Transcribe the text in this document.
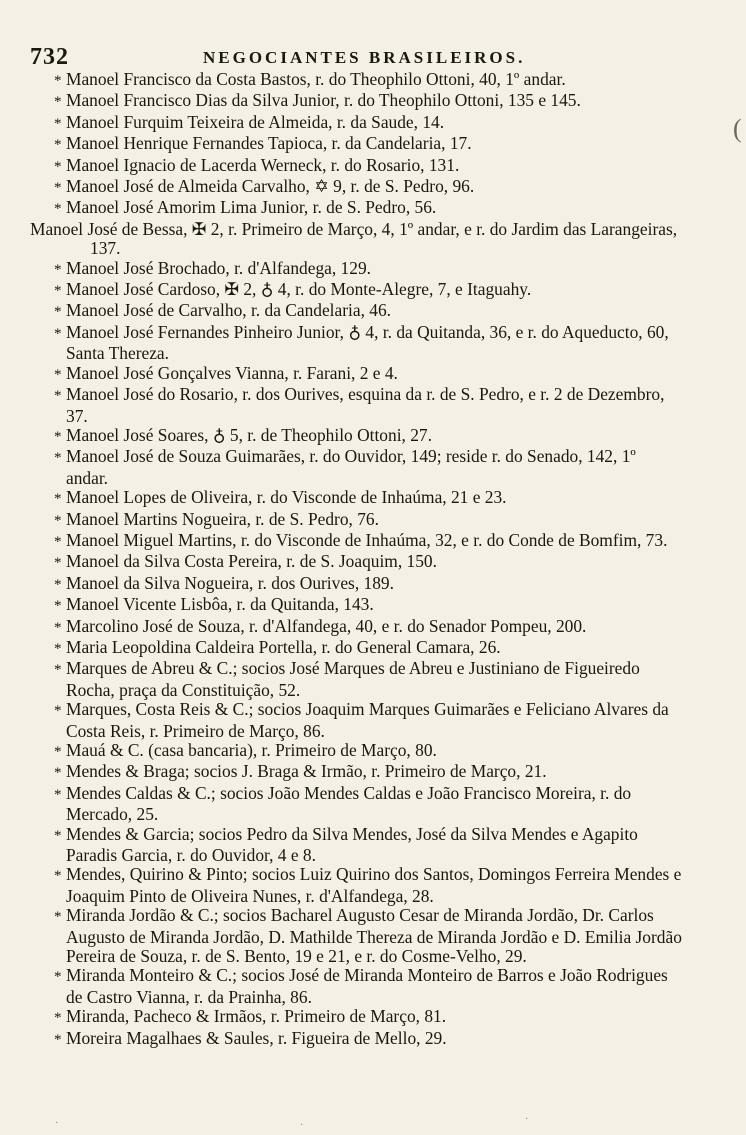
732	NEGOCIANTES BRASILEIROS.
(
* Manoel Francisco da Costa Bastos, r. do Theophilo Ottoni, 40, 1º andar.
* Manoel Francisco Dias da Silva Junior, r. do Theophilo Ottoni, 135 e 145.
* Manoel Furquim Teixeira de Almeida, r. da Saude, 14.
* Manoel Henrique Fernandes Tapioca, r. da Candelaria, 17.
* Manoel Ignacio de Lacerda Werneck, r. do Rosario, 131.
* Manoel José de Almeida Carvalho, ✡ 9, r. de S. Pedro, 96.
* Manoel José Amorim Lima Junior, r. de S. Pedro, 56.
Manoel José de Bessa, ✠ 2, r. Primeiro de Março, 4, 1º andar, e r. do Jardim das Larangeiras, 137.
* Manoel José Brochado, r. d'Alfandega, 129.
* Manoel José Cardoso, ✠ 2, ♁ 4, r. do Monte-Alegre, 7, e Itaguahy.
* Manoel José de Carvalho, r. da Candelaria, 46.
* Manoel José Fernandes Pinheiro Junior, ♁ 4, r. da Quitanda, 36, e r. do Aqueducto, 60, Santa Thereza.
* Manoel José Gonçalves Vianna, r. Farani, 2 e 4.
* Manoel José do Rosario, r. dos Ourives, esquina da r. de S. Pedro, e r. 2 de Dezembro, 37.
* Manoel José Soares, ♁ 5, r. de Theophilo Ottoni, 27.
* Manoel José de Souza Guimarães, r. do Ouvidor, 149; reside r. do Senado, 142, 1º andar.
* Manoel Lopes de Oliveira, r. do Visconde de Inhaúma, 21 e 23.
* Manoel Martins Nogueira, r. de S. Pedro, 76.
* Manoel Miguel Martins, r. do Visconde de Inhaúma, 32, e r. do Conde de Bomfim, 73.
* Manoel da Silva Costa Pereira, r. de S. Joaquim, 150.
* Manoel da Silva Nogueira, r. dos Ourives, 189.
* Manoel Vicente Lisbôa, r. da Quitanda, 143.
* Marcolino José de Souza, r. d'Alfandega, 40, e r. do Senador Pompeu, 200.
* Maria Leopoldina Caldeira Portella, r. do General Camara, 26.
* Marques de Abreu & C.; socios José Marques de Abreu e Justiniano de Figueiredo Rocha, praça da Constituição, 52.
* Marques, Costa Reis & C.; socios Joaquim Marques Guimarães e Feliciano Alvares da Costa Reis, r. Primeiro de Março, 86.
* Mauá & C. (casa bancaria), r. Primeiro de Março, 80.
* Mendes & Braga; socios J. Braga & Irmão, r. Primeiro de Março, 21.
* Mendes Caldas & C.; socios João Mendes Caldas e João Francisco Moreira, r. do Mercado, 25.
* Mendes & Garcia; socios Pedro da Silva Mendes, José da Silva Mendes e Agapito Paradis Garcia, r. do Ouvidor, 4 e 8.
* Mendes, Quirino & Pinto; socios Luiz Quirino dos Santos, Domingos Ferreira Mendes e Joaquim Pinto de Oliveira Nunes, r. d'Alfandega, 28.
* Miranda Jordão & C.; socios Bacharel Augusto Cesar de Miranda Jordão, Dr. Carlos Augusto de Miranda Jordão, D. Mathilde Thereza de Miranda Jordão e D. Emilia Jordão Pereira de Souza, r. de S. Bento, 19 e 21, e r. do Cosme-Velho, 29.
* Miranda Monteiro & C.; socios José de Miranda Monteiro de Barros e João Rodrigues de Castro Vianna, r. da Prainha, 86.
* Miranda, Pacheco & Irmãos, r. Primeiro de Março, 81.
* Moreira Magalhaes & Saules, r. Figueira de Mello, 29.
·	·
·
